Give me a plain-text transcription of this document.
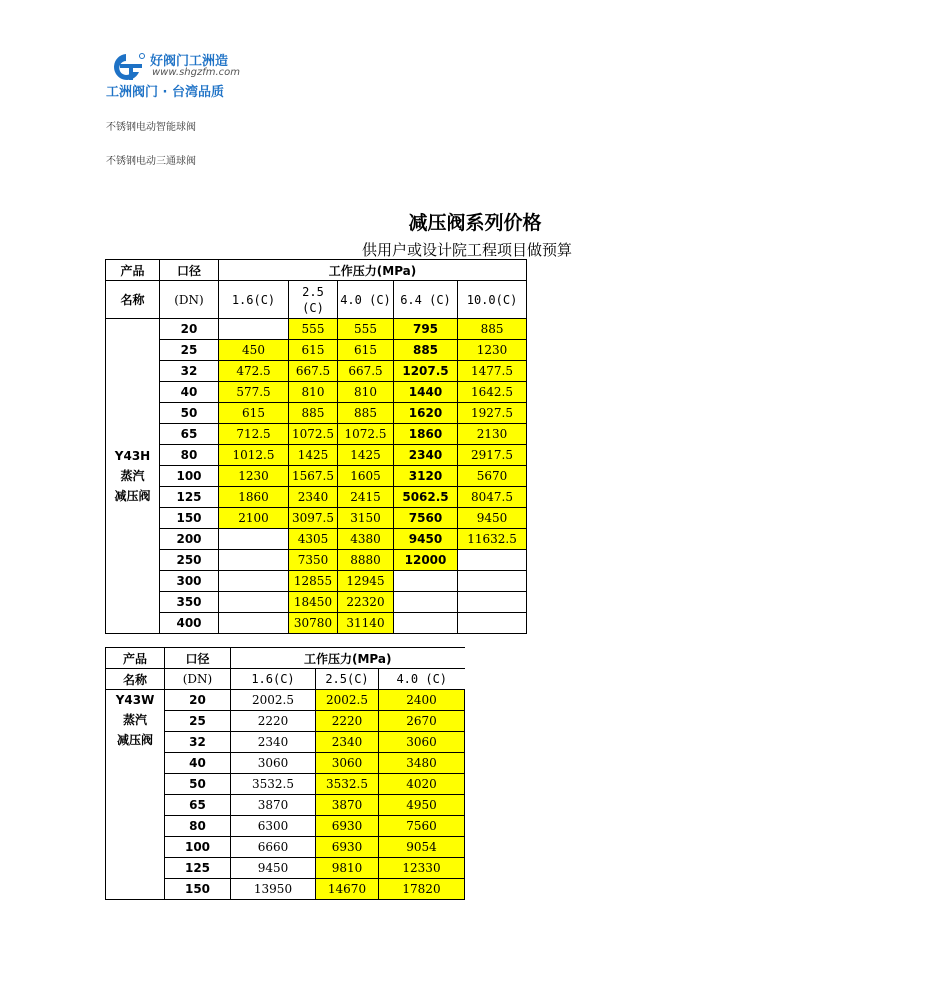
好阀门工洲造
www.shgzfm.com
工洲阀门 · 台湾品质
不锈钢电动智能球阀
不锈钢电动三通球阀
减压阀系列价格
供用户或设计院工程项目做预算
产品	口径	工作压力(MPa)				
名称	(DN)	1.6(C)	2.5(C)	4.0 (C)	6.4 (C)	10.0(C)

Y43H
蒸汽
减压阀	20		555	555	795	885
	25	450	615	615	885	1230
	32	472.5	667.5	667.5	1207.5	1477.5
	40	577.5	810	810	1440	1642.5
	50	615	885	885	1620	1927.5
	65	712.5	1072.5	1072.5	1860	2130
	80	1012.5	1425	1425	2340	2917.5
	100	1230	1567.5	1605	3120	5670
	125	1860	2340	2415	5062.5	8047.5
	150	2100	3097.5	3150	7560	9450
	200		4305	4380	9450	11632.5
	250		7350	8880	12000	
	300		12855	12945		
	350		18450	22320		
	400		30780	31140		
产品	口径	工作压力(MPa)		
名称	(DN)	1.6(C)	2.5(C)	4.0 (C)

Y43W
蒸汽
减压阀	20	2002.5	2002.5	2400
	25	2220	2220	2670
	32	2340	2340	3060
	40	3060	3060	3480
	50	3532.5	3532.5	4020
	65	3870	3870	4950
	80	6300	6930	7560
	100	6660	6930	9054
	125	9450	9810	12330
	150	13950	14670	17820
